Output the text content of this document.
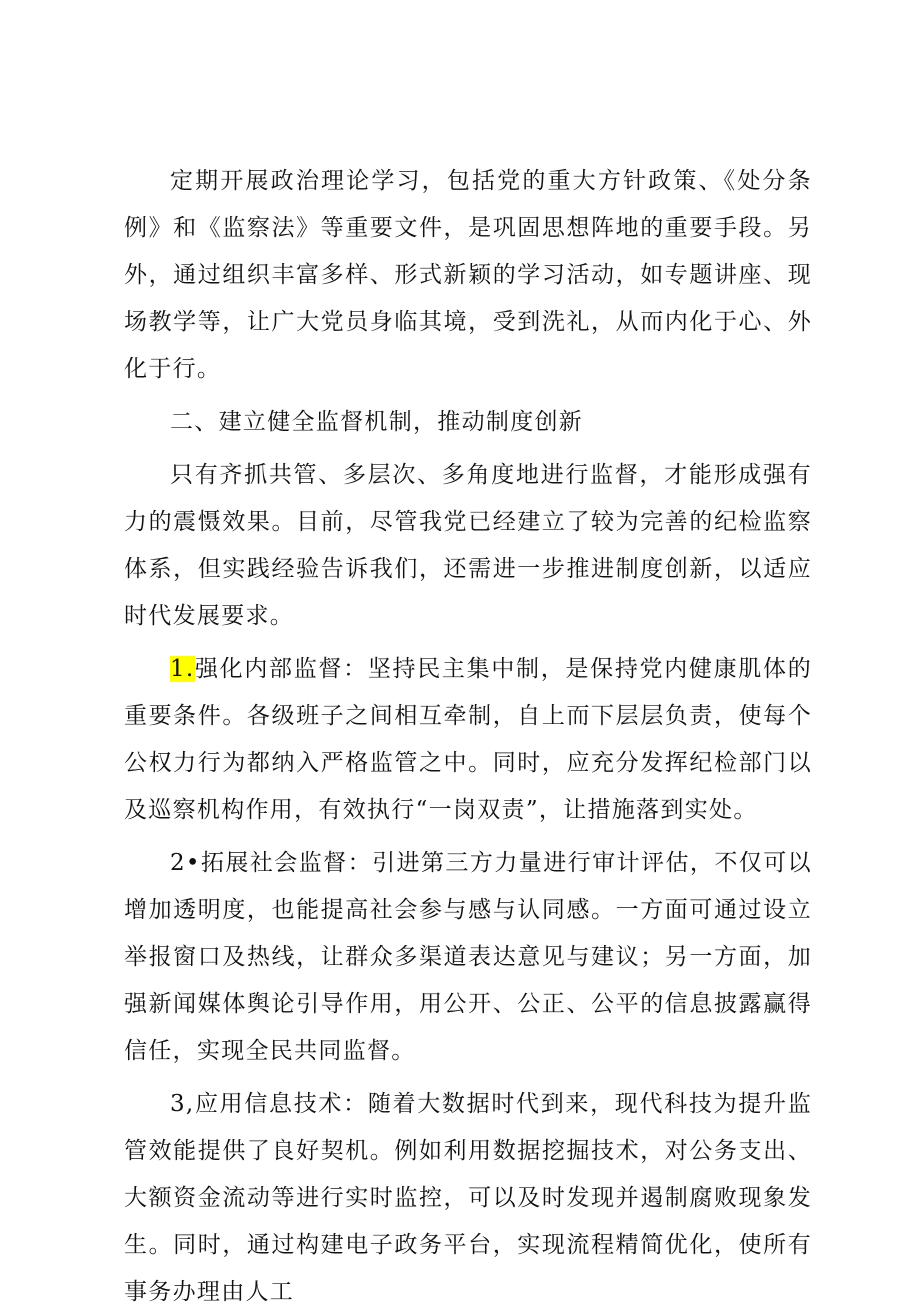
定期开展政治理论学习，包括党的重大方针政策、《处分条例》和《监察法》等重要文件，是巩固思想阵地的重要手段。另外，通过组织丰富多样、形式新颖的学习活动，如专题讲座、现场教学等，让广大党员身临其境，受到洗礼，从而内化于心、外化于行。

二、建立健全监督机制，推动制度创新

只有齐抓共管、多层次、多角度地进行监督，才能形成强有力的震慑效果。目前，尽管我党已经建立了较为完善的纪检监察体系，但实践经验告诉我们，还需进一步推进制度创新，以适应时代发展要求。

1.强化内部监督：坚持民主集中制，是保持党内健康肌体的重要条件。各级班子之间相互牵制，自上而下层层负责，使每个公权力行为都纳入严格监管之中。同时，应充分发挥纪检部门以及巡察机构作用，有效执行“一岗双责”，让措施落到实处。

2•拓展社会监督：引进第三方力量进行审计评估，不仅可以增加透明度，也能提高社会参与感与认同感。一方面可通过设立举报窗口及热线，让群众多渠道表达意见与建议；另一方面，加强新闻媒体舆论引导作用，用公开、公正、公平的信息披露赢得信任，实现全民共同监督。

3,应用信息技术：随着大数据时代到来，现代科技为提升监管效能提供了良好契机。例如利用数据挖掘技术，对公务支出、大额资金流动等进行实时监控，可以及时发现并遏制腐败现象发生。同时，通过构建电子政务平台，实现流程精简优化，使所有事务办理由人工
